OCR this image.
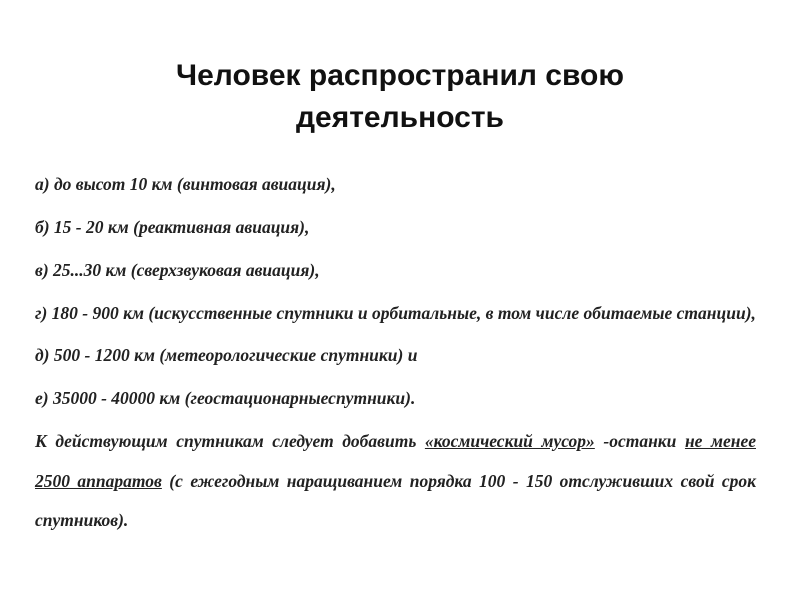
Человек распространил свою
деятельность

а) до высот 10 км (винтовая авиация),

б) 15 - 20 км (реактивная авиация),

в) 25...30 км (сверхзвуковая авиация),

г) 180 - 900 км (искусственные спутники и орбитальные, в том числе обитаемые станции),

д) 500 - 1200 км (метеорологические спутники) и

е) 35000 - 40000 км (геостационарныеспутники).

К действующим спутникам следует добавить «космический мусор» -останки не менее 2500 аппаратов (с ежегодным наращиванием порядка 100 - 150 отслуживших свой срок спутников).
